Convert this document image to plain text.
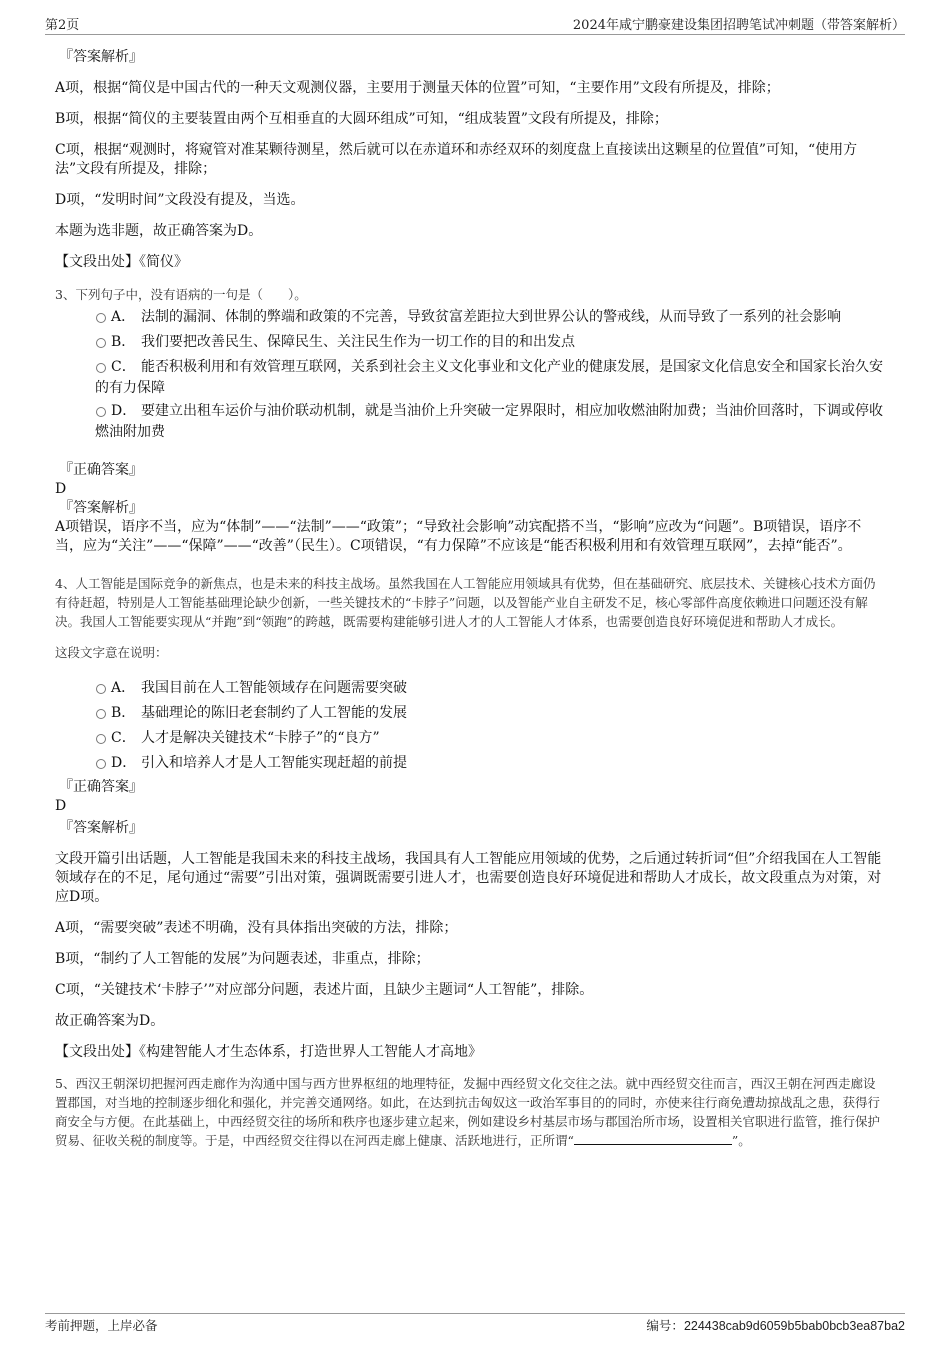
第2页	2024年咸宁鹏豪建设集团招聘笔试冲刺题（带答案解析）

『答案解析』

A项，根据“简仪是中国古代的一种天文观测仪器，主要用于测量天体的位置”可知，“主要作用”文段有所提及，排除；

B项，根据“简仪的主要装置由两个互相垂直的大圆环组成”可知，“组成装置”文段有所提及，排除；

C项，根据“观测时，将窥管对准某颗待测星，然后就可以在赤道环和赤经双环的刻度盘上直接读出这颗星的位置值”可知，“使用方法”文段有所提及，排除；

D项，“发明时间”文段没有提及，当选。

本题为选非题，故正确答案为D。

【文段出处】《简仪》

3、下列句子中，没有语病的一句是（　　）。

A． 法制的漏洞、体制的弊端和政策的不完善，导致贫富差距拉大到世界公认的警戒线，从而导致了一系列的社会影响
B． 我们要把改善民生、保障民生、关注民生作为一切工作的目的和出发点
C． 能否积极利用和有效管理互联网，关系到社会主义文化事业和文化产业的健康发展，是国家文化信息安全和国家长治久安的有力保障
D． 要建立出租车运价与油价联动机制，就是当油价上升突破一定界限时，相应加收燃油附加费；当油价回落时，下调或停收燃油附加费

『正确答案』

D

『答案解析』

A项错误，语序不当，应为“体制”——“法制”——“政策”；“导致社会影响”动宾配搭不当，“影响”应改为“问题”。B项错误，语序不当，应为“关注”——“保障”——“改善”（民生）。C项错误，“有力保障”不应该是“能否积极利用和有效管理互联网”，去掉“能否”。

4、人工智能是国际竞争的新焦点，也是未来的科技主战场。虽然我国在人工智能应用领域具有优势，但在基础研究、底层技术、关键核心技术方面仍有待赶超，特别是人工智能基础理论缺少创新，一些关键技术的“卡脖子”问题，以及智能产业自主研发不足，核心零部件高度依赖进口问题还没有解决。我国人工智能要实现从“并跑”到“领跑”的跨越，既需要构建能够引进人才的人工智能人才体系，也需要创造良好环境促进和帮助人才成长。

这段文字意在说明：

A． 我国目前在人工智能领域存在问题需要突破
B． 基础理论的陈旧老套制约了人工智能的发展
C． 人才是解决关键技术“卡脖子”的“良方”
D． 引入和培养人才是人工智能实现赶超的前提

『正确答案』

D

『答案解析』

文段开篇引出话题，人工智能是我国未来的科技主战场，我国具有人工智能应用领域的优势，之后通过转折词“但”介绍我国在人工智能领域存在的不足，尾句通过“需要”引出对策，强调既需要引进人才，也需要创造良好环境促进和帮助人才成长，故文段重点为对策，对应D项。

A项，“需要突破”表述不明确，没有具体指出突破的方法，排除；

B项，“制约了人工智能的发展”为问题表述，非重点，排除；

C项，“关键技术‘卡脖子’”对应部分问题，表述片面，且缺少主题词“人工智能”，排除。

故正确答案为D。

【文段出处】《构建智能人才生态体系，打造世界人工智能人才高地》

5、西汉王朝深切把握河西走廊作为沟通中国与西方世界枢纽的地理特征，发掘中西经贸文化交往之法。就中西经贸交往而言，西汉王朝在河西走廊设置郡国，对当地的控制逐步细化和强化，并完善交通网络。如此，在达到抗击匈奴这一政治军事目的的同时，亦使来往行商免遭劫掠战乱之患，获得行商安全与方便。在此基础上，中西经贸交往的场所和秩序也逐步建立起来，例如建设乡村基层市场与郡国治所市场，设置相关官职进行监管，推行保护贸易、征收关税的制度等。于是，中西经贸交往得以在河西走廊上健康、活跃地进行，正所谓“	”。

考前押题，上岸必备	编号：224438cab9d6059b5bab0bcb3ea87ba2
